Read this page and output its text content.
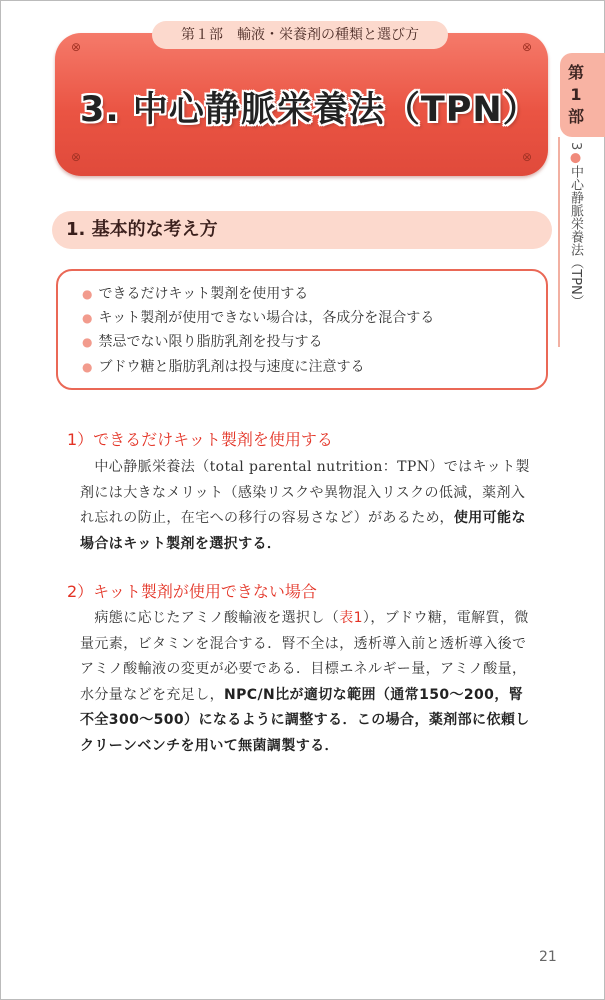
第１部　輸液・栄養剤の種類と選び方
⊗	⊗
⊗	⊗
3. 中心静脈栄養法（TPN）
第1部
3●中心静脈栄養法（TPN）
1. 基本的な考え方
● できるだけキット製剤を使用する
● キット製剤が使用できない場合は，各成分を混合する
● 禁忌でない限り脂肪乳剤を投与する
● ブドウ糖と脂肪乳剤は投与速度に注意する
1）できるだけキット製剤を使用する
　中心静脈栄養法（total parental nutrition：TPN）ではキット製剤には大きなメリット（感染リスクや異物混入リスクの低減，薬剤入れ忘れの防止，在宅への移行の容易さなど）があるため，使用可能な場合はキット製剤を選択する．
2）キット製剤が使用できない場合
　病態に応じたアミノ酸輸液を選択し（表1），ブドウ糖，電解質，微量元素，ビタミンを混合する．腎不全は，透析導入前と透析導入後でアミノ酸輸液の変更が必要である．目標エネルギー量，アミノ酸量，水分量などを充足し，NPC/N比が適切な範囲（通常150〜200，腎不全300〜500）になるように調整する．この場合，薬剤部に依頼しクリーンベンチを用いて無菌調製する．
21
